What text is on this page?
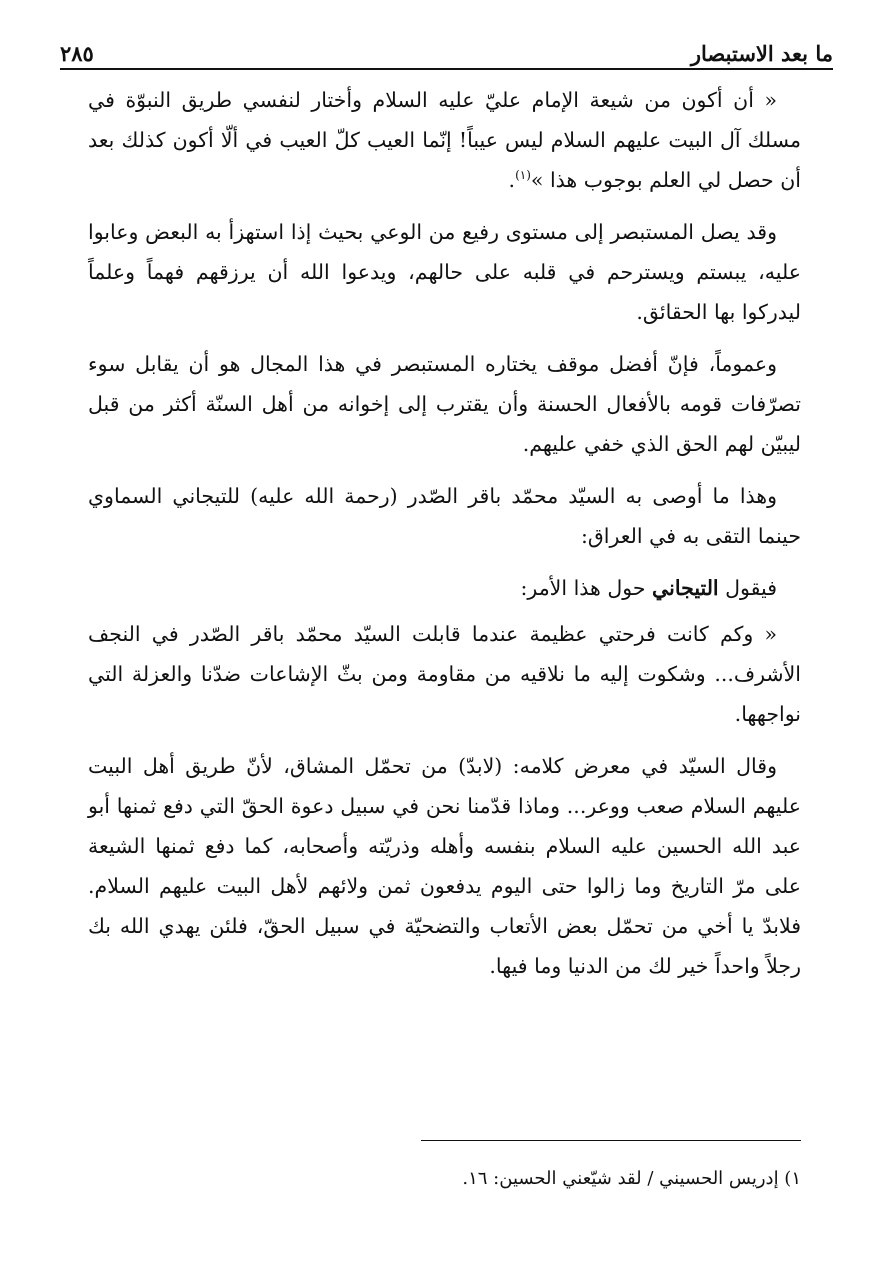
ما بعد الاستبصار
٢٨٥

« أن أكون من شيعة الإمام عليّ عليه السلام وأختار لنفسي طريق النبوّة في مسلك آل البيت عليهم السلام ليس عيباً! إنّما العيب كلّ العيب في ألّا أكون كذلك بعد أن حصل لي العلم بوجوب هذا »$^{(١)}$.

وقد يصل المستبصر إلى مستوى رفيع من الوعي بحيث إذا استهزأ به البعض وعابوا عليه، يبستم ويسترحم في قلبه على حالهم، ويدعوا الله أن يرزقهم فهماً وعلماً ليدركوا بها الحقائق.

وعموماً، فإنّ أفضل موقف يختاره المستبصر في هذا المجال هو أن يقابل سوء تصرّفات قومه بالأفعال الحسنة وأن يقترب إلى إخوانه من أهل السنّة أكثر من قبل ليبيّن لهم الحق الذي خفي عليهم.

وهذا ما أوصى به السيّد محمّد باقر الصّدر (رحمة الله عليه) للتيجاني السماوي حينما التقى به في العراق:

فيقول التيجاني حول هذا الأمر:

« وكم كانت فرحتي عظيمة عندما قابلت السيّد محمّد باقر الصّدر في النجف الأشرف... وشكوت إليه ما نلاقيه من مقاومة ومن بثّ الإشاعات ضدّنا والعزلة التي نواجهها.

وقال السيّد في معرض كلامه: (لابدّ) من تحمّل المشاق، لأنّ طريق أهل البيت عليهم السلام صعب ووعر... وماذا قدّمنا نحن في سبيل دعوة الحقّ التي دفع ثمنها أبو عبد الله الحسين عليه السلام بنفسه وأهله وذريّته وأصحابه، كما دفع ثمنها الشيعة على مرّ التاريخ وما زالوا حتى اليوم يدفعون ثمن ولائهم لأهل البيت عليهم السلام. فلابدّ يا أخي من تحمّل بعض الأتعاب والتضحيّة في سبيل الحقّ، فلئن يهدي الله بك رجلاً واحداً خير لك من الدنيا وما فيها.

١) إدريس الحسيني / لقد شيّعني الحسين: ١٦.
